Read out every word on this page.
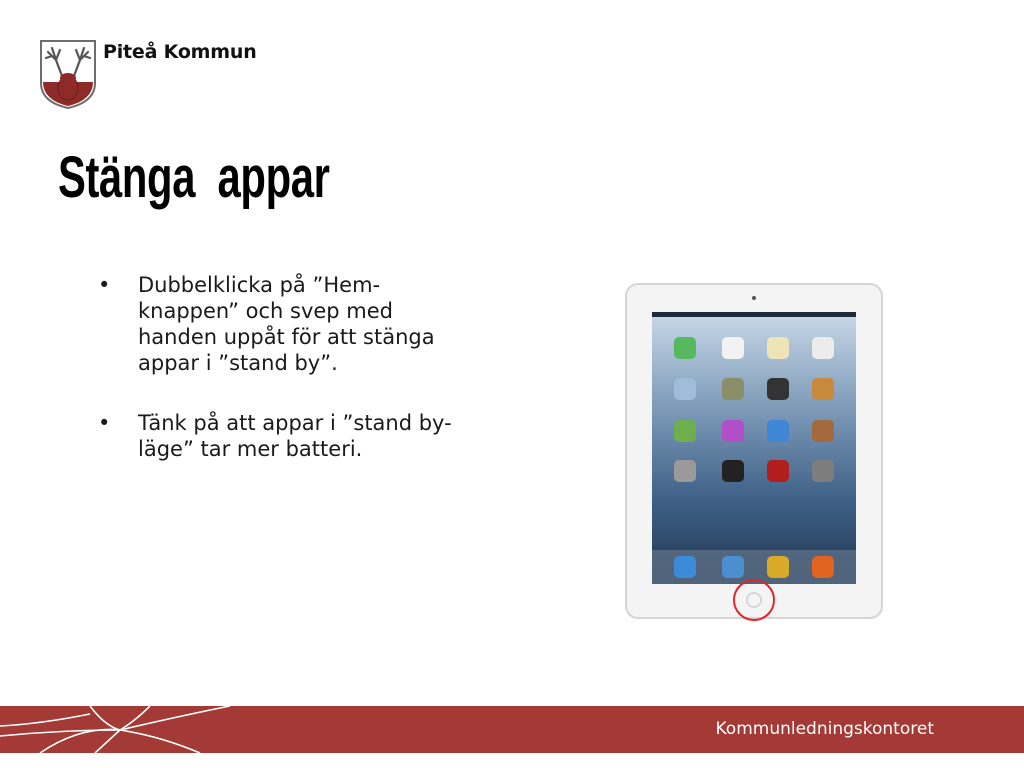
Piteå Kommun
Stänga  appar
• Dubbelklicka på ”Hem-knappen” och svep med handen uppåt för att stänga appar i ”stand by”.
• Tänk på att appar i ”stand by-läge” tar mer batteri.
Kommunledningskontoret
